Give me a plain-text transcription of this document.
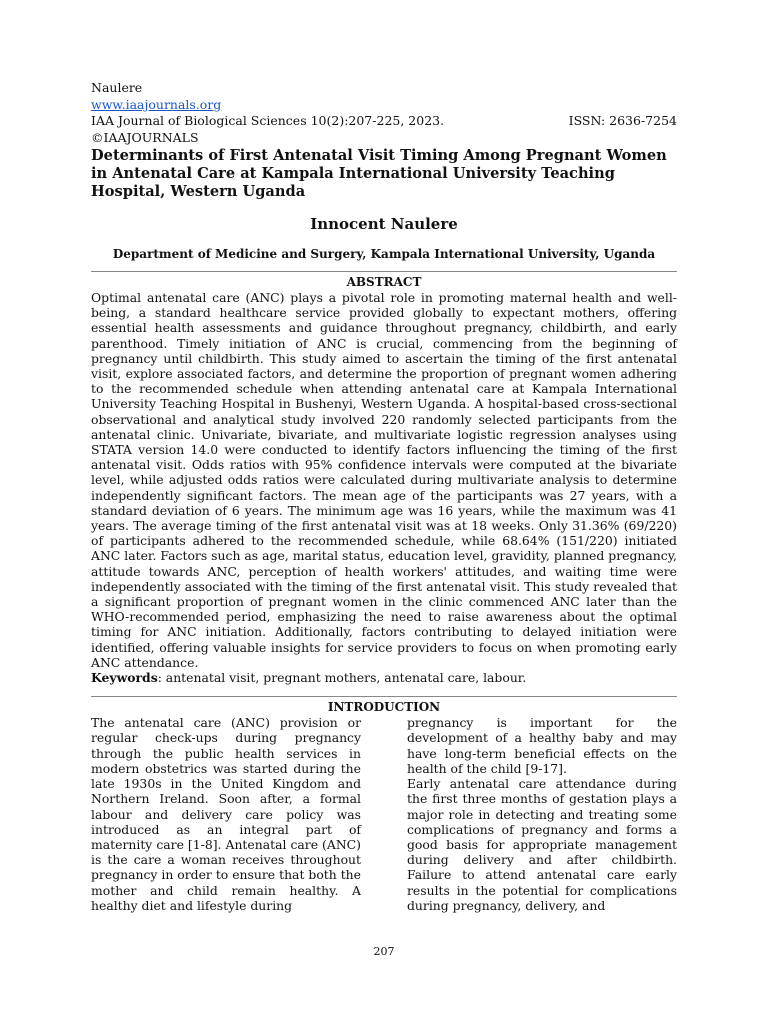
Naulere
www.iaajournals.org
IAA Journal of Biological Sciences 10(2):207-225, 2023.	ISSN: 2636-7254
©IAAJOURNALS
Determinants of First Antenatal Visit Timing Among Pregnant Women in Antenatal Care at Kampala International University Teaching Hospital, Western Uganda
Innocent Naulere
Department of Medicine and Surgery, Kampala International University, Uganda
ABSTRACT

Optimal antenatal care (ANC) plays a pivotal role in promoting maternal health and well-being, a standard healthcare service provided globally to expectant mothers, offering essential health assessments and guidance throughout pregnancy, childbirth, and early parenthood. Timely initiation of ANC is crucial, commencing from the beginning of pregnancy until childbirth. This study aimed to ascertain the timing of the first antenatal visit, explore associated factors, and determine the proportion of pregnant women adhering to the recommended schedule when attending antenatal care at Kampala International University Teaching Hospital in Bushenyi, Western Uganda. A hospital-based cross-sectional observational and analytical study involved 220 randomly selected participants from the antenatal clinic. Univariate, bivariate, and multivariate logistic regression analyses using STATA version 14.0 were conducted to identify factors influencing the timing of the first antenatal visit. Odds ratios with 95% confidence intervals were computed at the bivariate level, while adjusted odds ratios were calculated during multivariate analysis to determine independently significant factors. The mean age of the participants was 27 years, with a standard deviation of 6 years. The minimum age was 16 years, while the maximum was 41 years. The average timing of the first antenatal visit was at 18 weeks. Only 31.36% (69/220) of participants adhered to the recommended schedule, while 68.64% (151/220) initiated ANC later. Factors such as age, marital status, education level, gravidity, planned pregnancy, attitude towards ANC, perception of health workers' attitudes, and waiting time were independently associated with the timing of the first antenatal visit. This study revealed that a significant proportion of pregnant women in the clinic commenced ANC later than the WHO-recommended period, emphasizing the need to raise awareness about the optimal timing for ANC initiation. Additionally, factors contributing to delayed initiation were identified, offering valuable insights for service providers to focus on when promoting early ANC attendance.

Keywords: antenatal visit, pregnant mothers, antenatal care, labour.
INTRODUCTION

The antenatal care (ANC) provision or regular check-ups during pregnancy through the public health services in modern obstetrics was started during the late 1930s in the United Kingdom and Northern Ireland. Soon after, a formal labour and delivery care policy was introduced as an integral part of maternity care [1-8]. Antenatal care (ANC) is the care a woman receives throughout pregnancy in order to ensure that both the mother and child remain healthy. A healthy diet and lifestyle during

pregnancy is important for the development of a healthy baby and may have long-term beneficial effects on the health of the child [9-17].

Early antenatal care attendance during the first three months of gestation plays a major role in detecting and treating some complications of pregnancy and forms a good basis for appropriate management during delivery and after childbirth. Failure to attend antenatal care early results in the potential for complications during pregnancy, delivery, and

207
